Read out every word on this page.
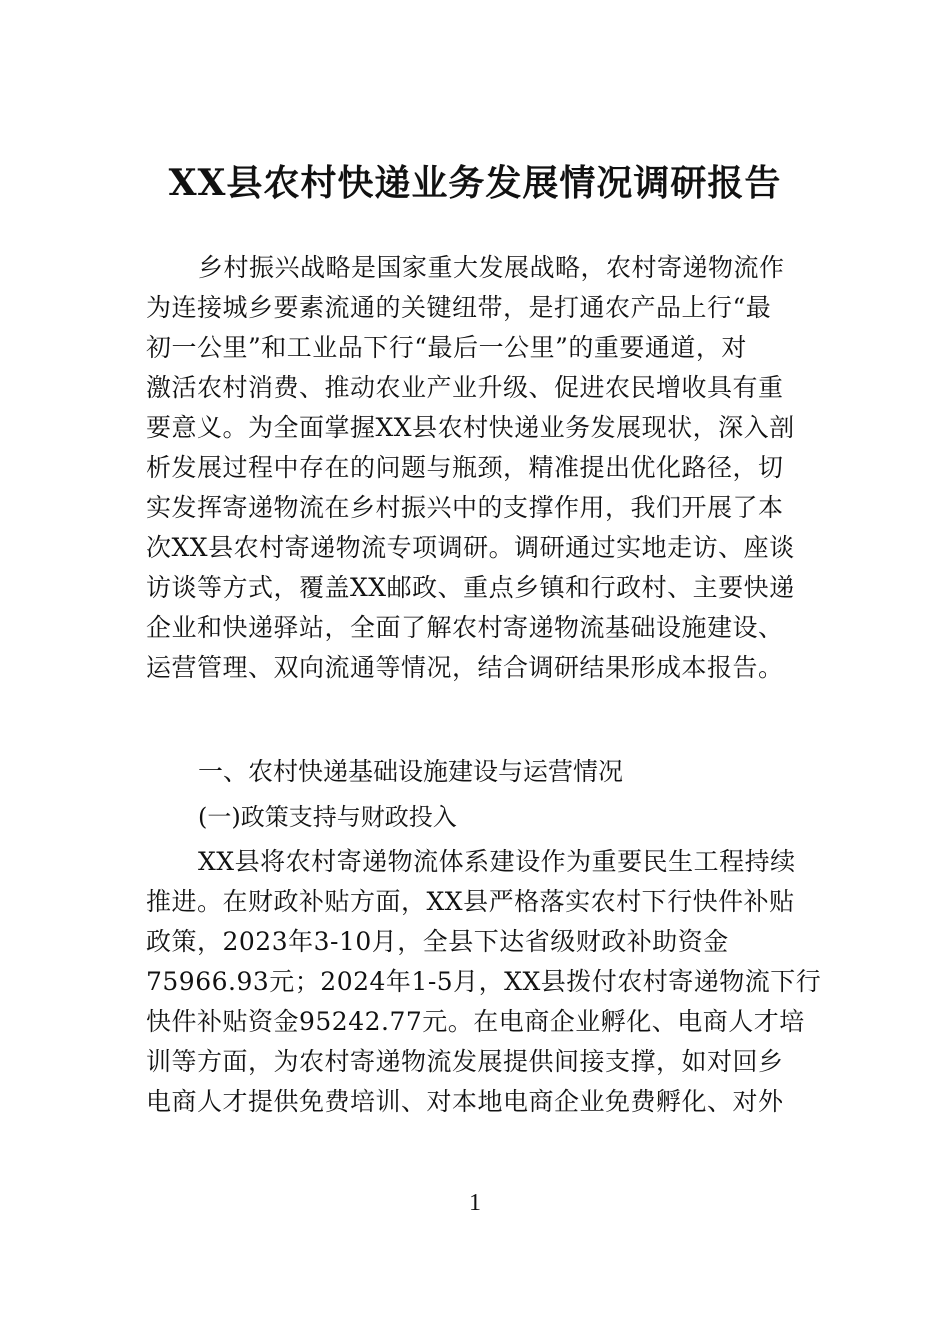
XX县农村快递业务发展情况调研报告
乡村振兴战略是国家重大发展战略，农村寄递物流作
为连接城乡要素流通的关键纽带，是打通农产品上行“最
初一公里”和工业品下行“最后一公里”的重要通道，对
激活农村消费、推动农业产业升级、促进农民增收具有重
要意义。为全面掌握XX县农村快递业务发展现状，深入剖
析发展过程中存在的问题与瓶颈，精准提出优化路径，切
实发挥寄递物流在乡村振兴中的支撑作用，我们开展了本
次XX县农村寄递物流专项调研。调研通过实地走访、座谈
访谈等方式，覆盖XX邮政、重点乡镇和行政村、主要快递
企业和快递驿站，全面了解农村寄递物流基础设施建设、
运营管理、双向流通等情况，结合调研结果形成本报告。
一、农村快递基础设施建设与运营情况
(一)政策支持与财政投入
XX县将农村寄递物流体系建设作为重要民生工程持续
推进。在财政补贴方面，XX县严格落实农村下行快件补贴
政策，2023年3-10月，全县下达省级财政补助资金
75966.93元；2024年1-5月，XX县拨付农村寄递物流下行
快件补贴资金95242.77元。在电商企业孵化、电商人才培
训等方面，为农村寄递物流发展提供间接支撑，如对回乡
电商人才提供免费培训、对本地电商企业免费孵化、对外
1
